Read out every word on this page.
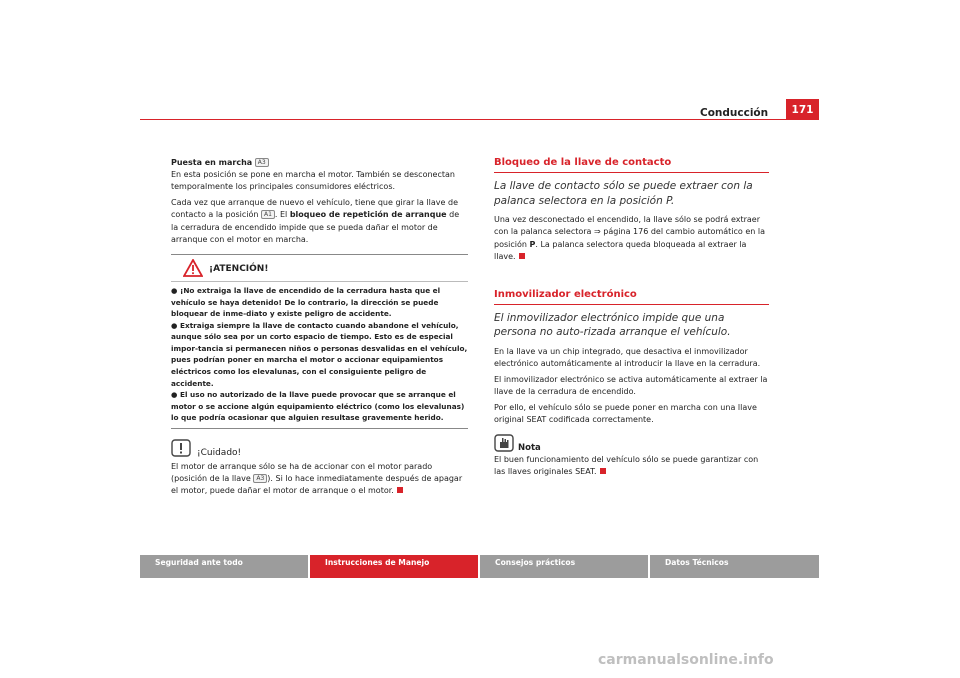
Conducción	171

Puesta en marcha A3
En esta posición se pone en marcha el motor. También se desconectan temporalmente los principales consumidores eléctricos.

Cada vez que arranque de nuevo el vehículo, tiene que girar la llave de contacto a la posición A1 . El bloqueo de repetición de arranque de la cerradura de encendido impide que se pueda dañar el motor de arranque con el motor en marcha.

¡ATENCIÓN!
● ¡No extraiga la llave de encendido de la cerradura hasta que el vehículo se haya detenido! De lo contrario, la dirección se puede bloquear de inme-diato y existe peligro de accidente.
● Extraiga siempre la llave de contacto cuando abandone el vehículo, aunque sólo sea por un corto espacio de tiempo. Esto es de especial impor-tancia si permanecen niños o personas desvalidas en el vehículo, pues podrían poner en marcha el motor o accionar equipamientos eléctricos como los elevalunas, con el consiguiente peligro de accidente.
● El uso no autorizado de la llave puede provocar que se arranque el motor o se accione algún equipamiento eléctrico (como los elevalunas) lo que podría ocasionar que alguien resultase gravemente herido.
¡Cuidado!

El motor de arranque sólo se ha de accionar con el motor parado (posición de la llave A3 ). Si lo hace inmediatamente después de apagar el motor, puede dañar el motor de arranque o el motor.

Bloqueo de la llave de contacto
La llave de contacto sólo se puede extraer con la palanca selectora en la posición P.

Una vez desconectado el encendido, la llave sólo se podrá extraer con la palanca selectora ⇒ página 176 del cambio automático en la posición P. La palanca selectora queda bloqueada al extraer la llave.

Inmovilizador electrónico
El inmovilizador electrónico impide que una persona no auto-rizada arranque el vehículo.

En la llave va un chip integrado, que desactiva el inmovilizador electrónico automáticamente al introducir la llave en la cerradura.

El inmovilizador electrónico se activa automáticamente al extraer la llave de la cerradura de encendido.

Por ello, el vehículo sólo se puede poner en marcha con una llave original SEAT codificada correctamente.

Nota

El buen funcionamiento del vehículo sólo se puede garantizar con las llaves originales SEAT.

Seguridad ante todo	Instrucciones de Manejo	Consejos prácticos	Datos Técnicos
carmanualsonline.info
